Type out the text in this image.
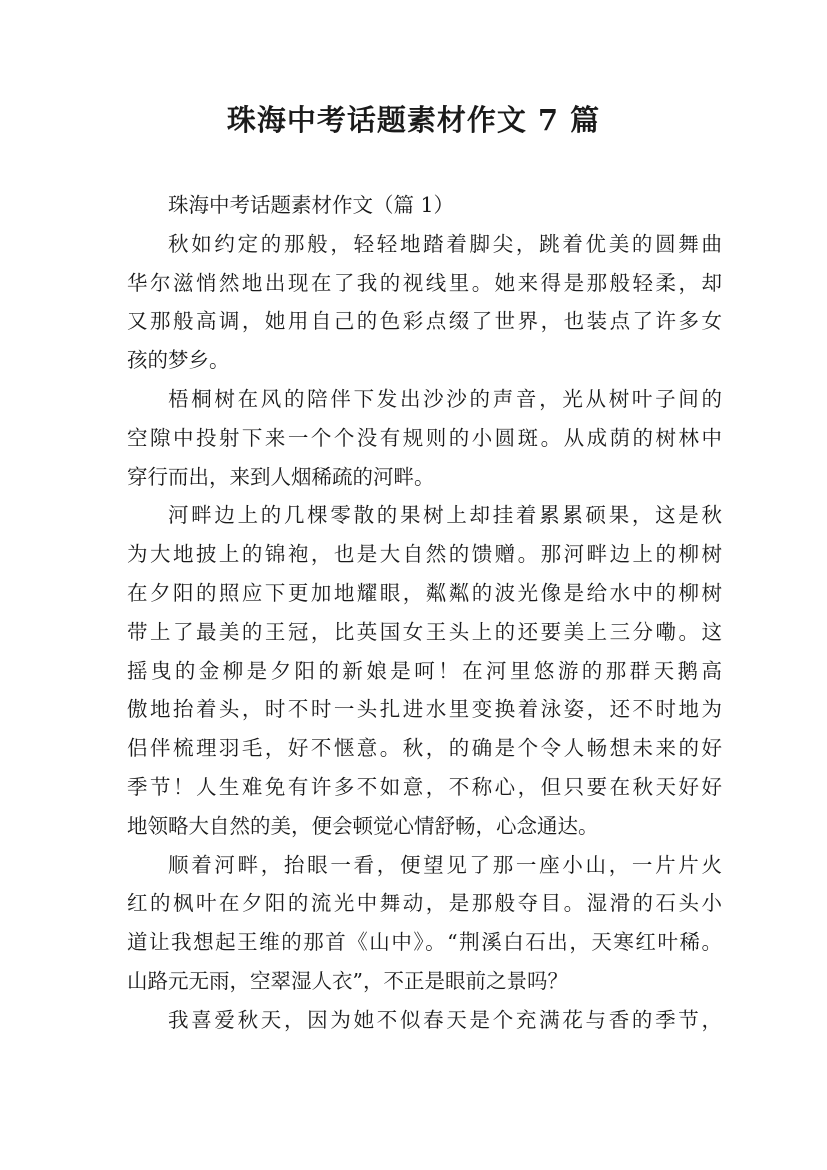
珠海中考话题素材作文 7 篇
珠海中考话题素材作文（篇 1）
秋如约定的那般，轻轻地踏着脚尖，跳着优美的圆舞曲
华尔滋悄然地出现在了我的视线里。她来得是那般轻柔，却
又那般高调，她用自己的色彩点缀了世界，也装点了许多女
孩的梦乡。
梧桐树在风的陪伴下发出沙沙的声音，光从树叶子间的
空隙中投射下来一个个没有规则的小圆斑。从成荫的树林中
穿行而出，来到人烟稀疏的河畔。
河畔边上的几棵零散的果树上却挂着累累硕果，这是秋
为大地披上的锦袍，也是大自然的馈赠。那河畔边上的柳树
在夕阳的照应下更加地耀眼，粼粼的波光像是给水中的柳树
带上了最美的王冠，比英国女王头上的还要美上三分嘞。这
摇曳的金柳是夕阳的新娘是呵！在河里悠游的那群天鹅高
傲地抬着头，时不时一头扎进水里变换着泳姿，还不时地为
侣伴梳理羽毛，好不惬意。秋，的确是个令人畅想未来的好
季节！人生难免有许多不如意，不称心，但只要在秋天好好
地领略大自然的美，便会顿觉心情舒畅，心念通达。
顺着河畔，抬眼一看，便望见了那一座小山，一片片火
红的枫叶在夕阳的流光中舞动，是那般夺目。湿滑的石头小
道让我想起王维的那首《山中》。“荆溪白石出，天寒红叶稀。
山路元无雨，空翠湿人衣”，不正是眼前之景吗？
我喜爱秋天，因为她不似春天是个充满花与香的季节，
